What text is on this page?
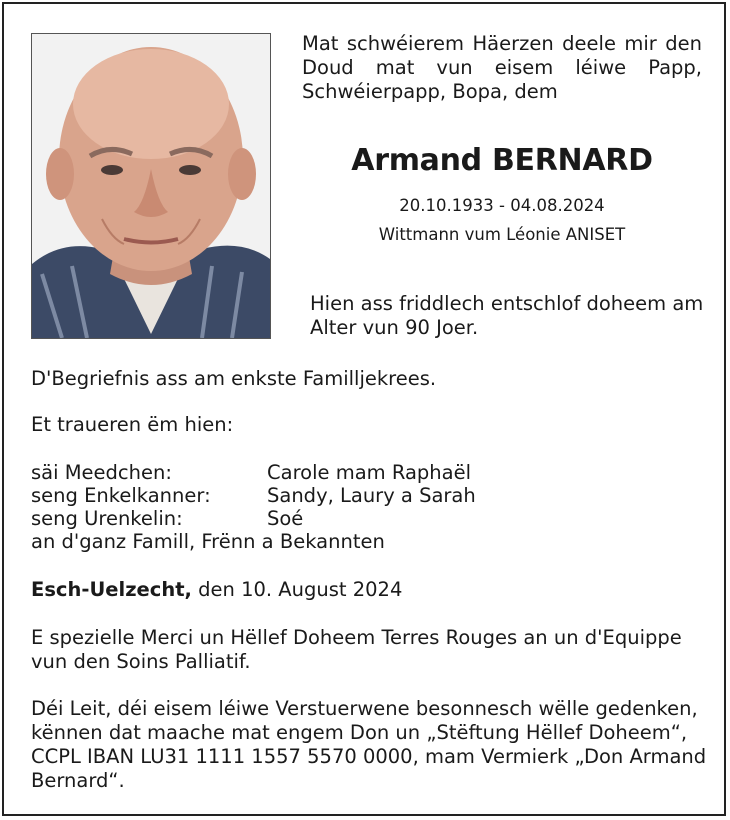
Mat schwéierem Häerzen deele mir den Doud mat vun eisem léiwe Papp, Schwéierpapp, Bopa, dem
Armand BERNARD
20.10.1933 - 04.08.2024
Wittmann vum Léonie ANISET
Hien ass friddlech entschlof doheem am Alter vun 90 Joer.
D'Begriefnis ass am enkste Familljekrees.
Et traueren ëm hien:
säi Meedchen:	Carole mam Raphaël
seng Enkelkanner:	Sandy, Laury a Sarah
seng Urenkelin:	Soé
an d'ganz Famill, Frënn a Bekannten
Esch-Uelzecht, den 10. August 2024
E spezielle Merci un Hëllef Doheem Terres Rouges an un d'Equippe vun den Soins Palliatif.
Déi Leit, déi eisem léiwe Verstuerwene besonnesch wëlle gedenken, kënnen dat maache mat engem Don un „Stëftung Hëllef Doheem“, CCPL IBAN LU31 1111 1557 5570 0000, mam Vermierk „Don Armand Bernard“.
